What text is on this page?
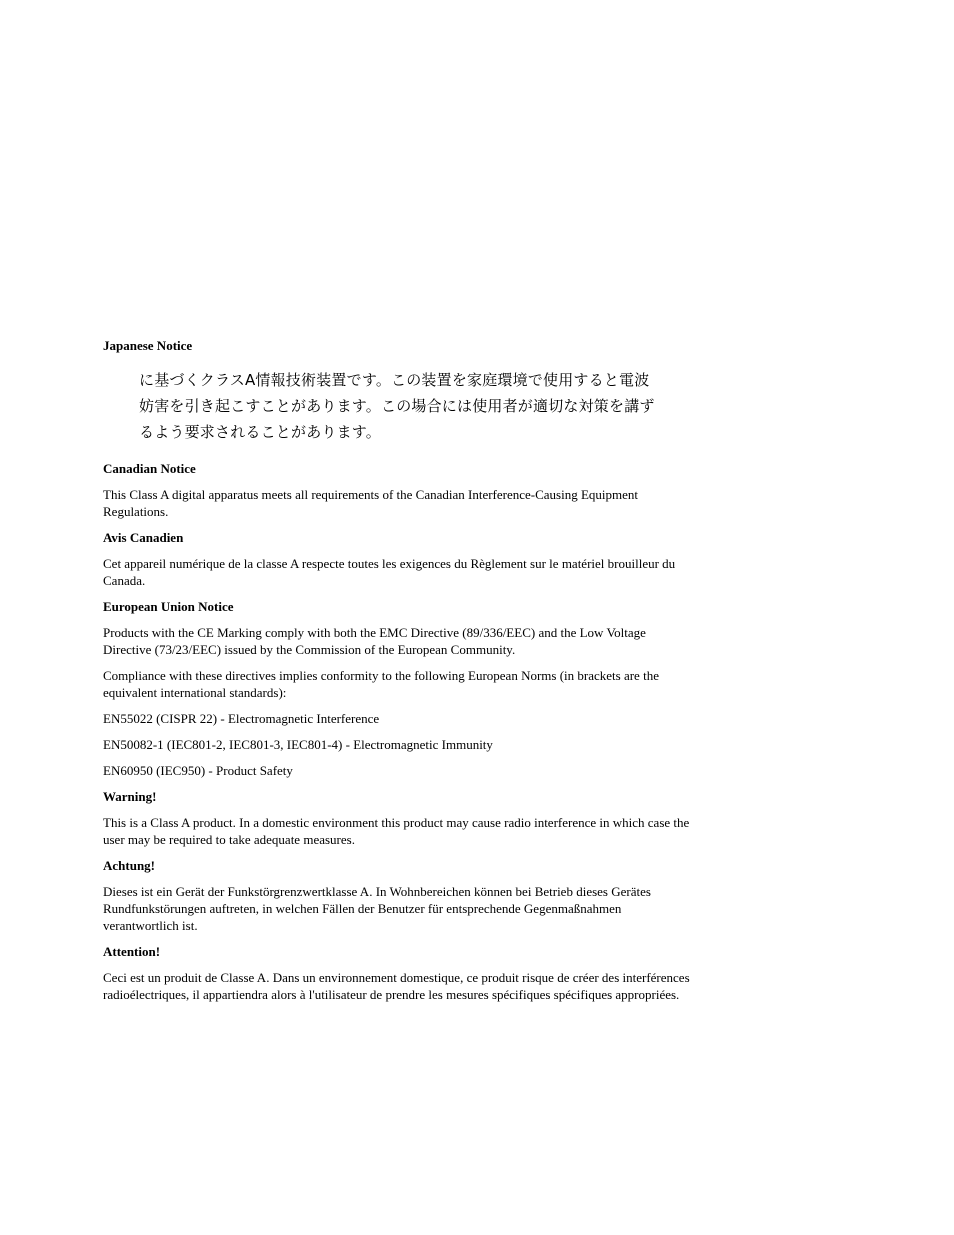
Japanese Notice
に基づくクラスA情報技術装置です。この装置を家庭環境で使用すると電波
妨害を引き起こすことがあります。この場合には使用者が適切な対策を講ず
るよう要求されることがあります。
Canadian Notice
This Class A digital apparatus meets all requirements of the Canadian Interference-Causing Equipment Regulations.
Avis Canadien
Cet appareil numérique de la classe A respecte toutes les exigences du Règlement sur le matériel brouilleur du Canada.
European Union Notice
Products with the CE Marking comply with both the EMC Directive (89/336/EEC) and the Low Voltage Directive (73/23/EEC) issued by the Commission of the European Community.
Compliance with these directives implies conformity to the following European Norms (in brackets are the equivalent international standards):
EN55022 (CISPR 22) - Electromagnetic Interference
EN50082-1 (IEC801-2, IEC801-3, IEC801-4) - Electromagnetic Immunity
EN60950 (IEC950) - Product Safety
Warning!
This is a Class A product. In a domestic environment this product may cause radio interference in which case the user may be required to take adequate measures.
Achtung!
Dieses ist ein Gerät der Funkstörgrenzwertklasse A. In Wohnbereichen können bei Betrieb dieses Gerätes Rundfunkstörungen auftreten, in welchen Fällen der Benutzer für entsprechende Gegenmaßnahmen verantwortlich ist.
Attention!
Ceci est un produit de Classe A. Dans un environnement domestique, ce produit risque de créer des interférences radioélectriques, il appartiendra alors à l'utilisateur de prendre les mesures spécifiques spécifiques appropriées.
